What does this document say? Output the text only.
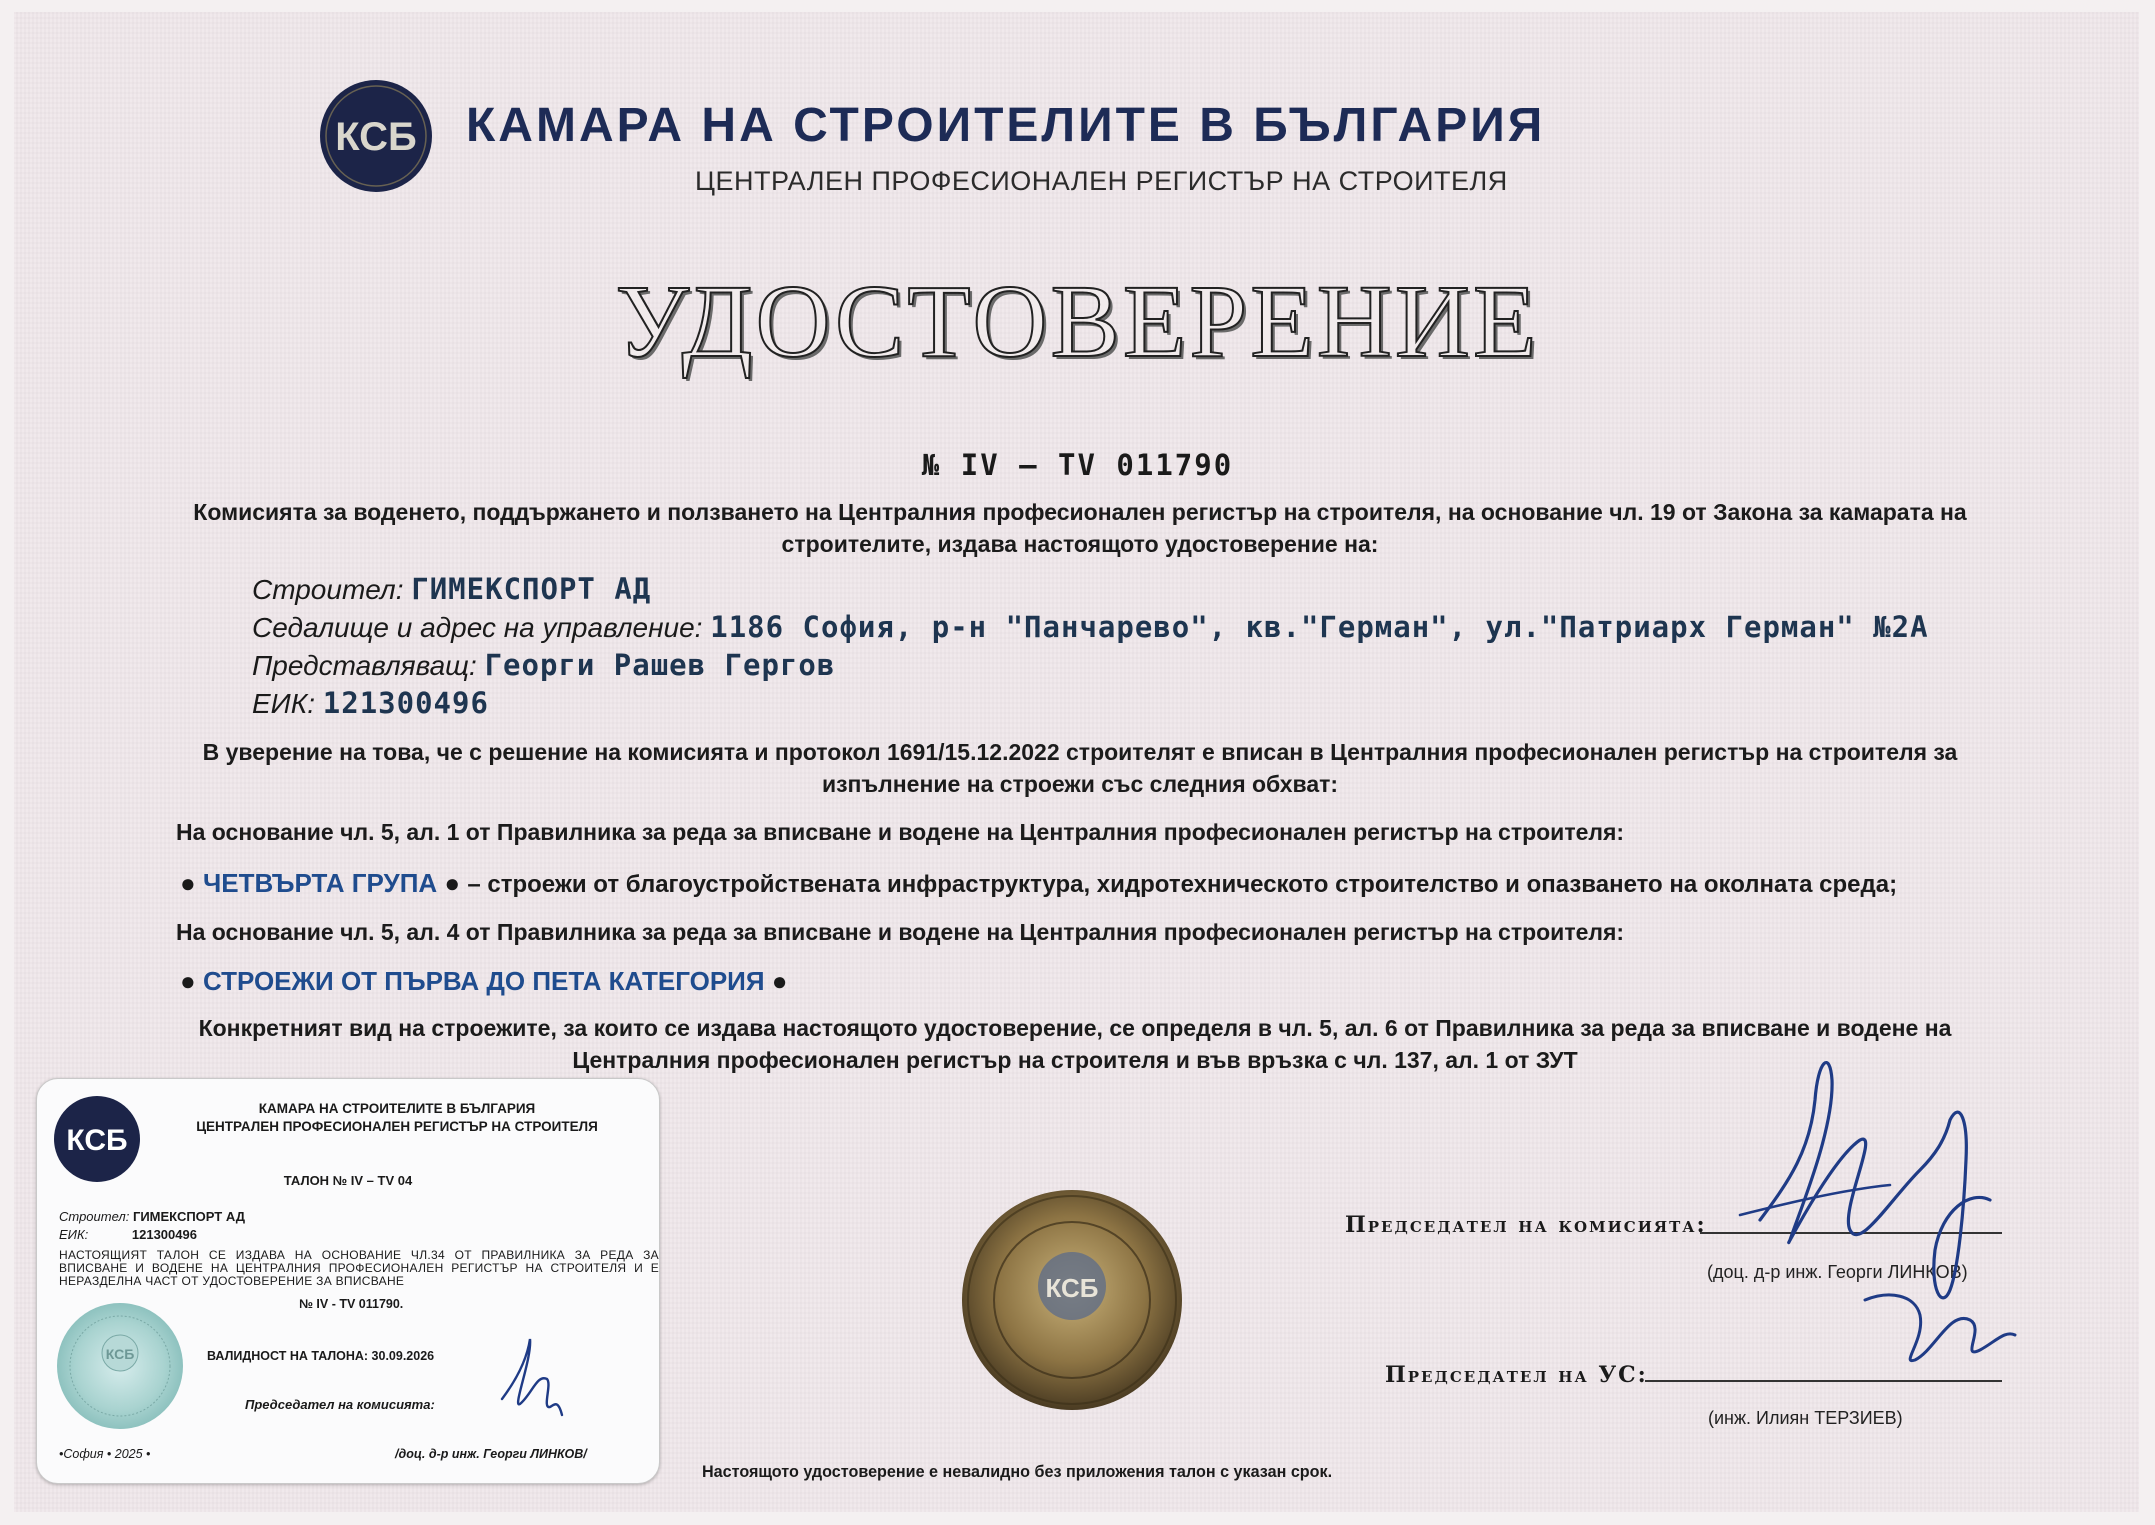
КСБ КАМАРА НА СТРОИТЕЛИТЕ В БЪЛГАРИЯ
ЦЕНТРАЛЕН ПРОФЕСИОНАЛЕН РЕГИСТЪР НА СТРОИТЕЛЯ
УДОСТОВЕРЕНИЕ
№ IV – TV 011790
Комисията за воденето, поддържането и ползването на Централния професионален регистър на строителя, на основание чл. 19 от Закона за камарата на строителите, издава настоящото удостоверение на:
Строител: ГИМЕКСПОРТ АД
Седалище и адрес на управление: 1186 София, р-н "Панчарево", кв."Герман", ул."Патриарх Герман" №2А
Представляващ: Георги Рашев Гергов
ЕИК: 121300496
В уверение на това, че с решение на комисията и протокол 1691/15.12.2022 строителят е вписан в Централния професионален регистър на строителя за изпълнение на строежи със следния обхват:
На основание чл. 5, ал. 1 от Правилника за реда за вписване и водене на Централния професионален регистър на строителя:
● ЧЕТВЪРТА ГРУПА ● – строежи от благоустройствената инфраструктура, хидротехническото строителство и опазването на околната среда;
На основание чл. 5, ал. 4 от Правилника за реда за вписване и водене на Централния професионален регистър на строителя:
● СТРОЕЖИ ОТ ПЪРВА ДО ПЕТА КАТЕГОРИЯ ●
Конкретният вид на строежите, за които се издава настоящото удостоверение, се определя в чл. 5, ал. 6 от Правилника за реда за вписване и водене на Централния професионален регистър на строителя и във връзка с чл. 137, ал. 1 от ЗУТ
КСБ
Председател на комисията:
(доц. д-р инж. Георги ЛИНКОВ)
Председател на УС:
(инж. Илиян ТЕРЗИЕВ)
Настоящото удостоверение е невалидно без приложения талон с указан срок.
КСБ
КАМАРА НА СТРОИТЕЛИТЕ В БЪЛГАРИЯ
ЦЕНТРАЛЕН ПРОФЕСИОНАЛЕН РЕГИСТЪР НА СТРОИТЕЛЯ
ТАЛОН № IV – TV 04
Строител: ГИМЕКСПОРТ АД
ЕИК:	121300496
НАСТОЯЩИЯТ ТАЛОН СЕ ИЗДАВА НА ОСНОВАНИЕ ЧЛ.34 ОТ ПРАВИЛНИКА ЗА РЕДА ЗА ВПИСВАНЕ И ВОДЕНЕ НА ЦЕНТРАЛНИЯ ПРОФЕСИОНАЛЕН РЕГИСТЪР НА СТРОИТЕЛЯ И Е НЕРАЗДЕЛНА ЧАСТ ОТ УДОСТОВЕРЕНИЕ ЗА ВПИСВАНЕ
№ IV - TV 011790.
КСБ	ВАЛИДНОСТ НА ТАЛОНА: 30.09.2026
Председател на комисията:
•София • 2025 •	/доц. д-р инж. Георги ЛИНКОВ/
